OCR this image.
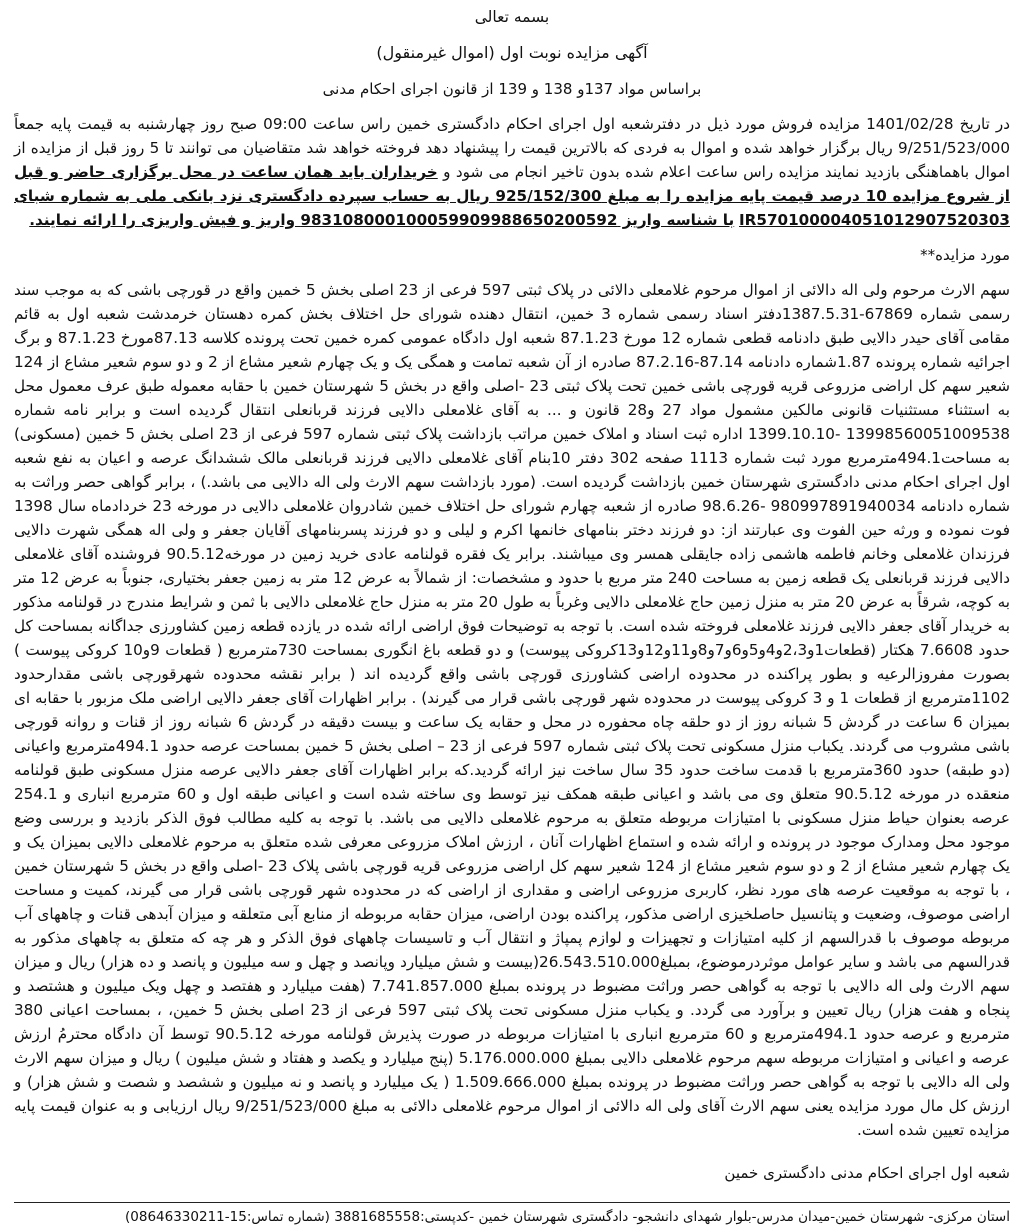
بسمه تعالی
آگهی مزایده نوبت اول (اموال غیرمنقول)
براساس مواد 137و 138 و 139 از قانون اجرای احکام مدنی

در تاریخ 1401/02/28 مزایده فروش مورد ذیل در دفترشعبه اول اجرای احکام دادگستری خمین راس ساعت 09:00 صبح روز چهارشنبه به قیمت پایه جمعاً 9/251/523/000 ریال برگزار خواهد شده و اموال به فردی که بالاترین قیمت را پیشنهاد دهد فروخته خواهد شد متقاضیان می توانند تا 5 روز قبل از مزایده از اموال باهماهنگی بازدید نمایند مزایده راس ساعت اعلام شده بدون تاخیر انجام می شود و خریداران باید همان ساعت در محل برگزاری حاضر و قبل از شروع مزایده 10 درصد قیمت پایه مزایده را به مبلغ 925/152/300 ریال به حساب سپرده دادگستری نزد بانکی ملی به شماره شبای IR570100004051012907520303 با شناسه واریز 983108000100059909988650200592 واریز و فیش واریزی را ارائه نمایند.

مورد مزایده**

سهم الارث مرحوم ولی اله دالائی از اموال مرحوم غلامعلی دالائی در پلاک ثبتی 597 فرعی از 23 اصلی بخش 5 خمین واقع در قورچی باشی که به موجب سند رسمی شماره 67869-1387.5.31دفتر اسناد رسمی شماره 3 خمین، انتقال دهنده شورای حل اختلاف بخش کمره دهستان خرمدشت شعبه اول به قائم مقامی آقای حیدر دالایی طبق دادنامه قطعی شماره 12 مورخ 87.1.23 شعبه اول دادگاه عمومی کمره خمین تحت پرونده کلاسه 87.13مورخ 87.1.23 و برگ اجرائیه شماره پرونده 1.87شماره دادنامه 87.14-87.2.16 صادره از آن شعبه تمامت و همگی یک و یک چهارم شعیر مشاع از 2 و دو سوم شعیر مشاع از 124 شعیر سهم کل اراضی مزروعی قریه قورچی باشی خمین تحت پلاک ثبتی 23 -اصلی واقع در بخش 5 شهرستان خمین با حقابه معموله طبق عرف معمول محل به استثناء مستثنیات قانونی مالکین مشمول مواد 27 و28 قانون و ... به آقای غلامعلی دالایی فرزند قربانعلی انتقال گردیده است و برابر نامه شماره 13998560051009538 -1399.10.10 اداره ثبت اسناد و املاک خمین مراتب بازداشت پلاک ثبتی شماره 597 فرعی از 23 اصلی بخش 5 خمین (مسکونی) به مساحت494.1مترمربع مورد ثبت شماره 1113 صفحه 302 دفتر 10بنام آقای غلامعلی دالایی فرزند قربانعلی مالک ششدانگ عرصه و اعیان به نفع شعبه اول اجرای احکام مدنی دادگستری شهرستان خمین بازداشت گردیده است. (مورد بازداشت سهم الارث ولی اله دالایی می باشد.) ، برابر گواهی حصر وراثت به شماره دادنامه 980997891940034 -98.6.26 صادره از شعبه چهارم شورای حل اختلاف خمین شادروان غلامعلی دالایی در مورخه 23 خردادماه سال 1398 فوت نموده و ورثه حین الفوت وی عبارتند از: دو فرزند دختر بنامهای خانمها اکرم و لیلی و دو فرزند پسربنامهای آقایان جعفر و ولی اله همگی شهرت دالایی فرزندان غلامعلی وخانم فاطمه هاشمی زاده جایقلی همسر وی میباشند. برابر یک فقره قولنامه عادی خرید زمین در مورخه90.5.12 فروشنده آقای غلامعلی دالایی فرزند قربانعلی یک قطعه زمین به مساحت 240 متر مربع با حدود و مشخصات: از شمالاً به عرض 12 متر به زمین جعفر بختیاری، جنوباً به عرض 12 متر به کوچه، شرقاً به عرض 20 متر به منزل زمین حاج غلامعلی دالایی وغرباً به طول 20 متر به منزل حاج غلامعلی دالایی با ثمن و شرایط مندرج در قولنامه مذکور به خریدار آقای جعفر دالایی فرزند غلامعلی فروخته شده است. با توجه به توضیحات فوق اراضی ارائه شده در یازده قطعه زمین کشاورزی جداگانه بمساحت کل حدود 7.6608 هکتار (قطعات1و2،3و4و5و6و7و8و11و12و13کروکی پیوست) و دو قطعه باغ انگوری بمساحت 730مترمربع ( قطعات 9و10 کروکی پیوست ) بصورت مفروزالرعیه و بطور پراکنده در محدوده اراضی کشاورزی قورچی باشی واقع گردیده اند ( برابر نقشه محدوده شهرقورچی باشی مقدارحدود 1102مترمربع از قطعات 1 و 3 کروکی پیوست در محدوده شهر قورچی باشی قرار می گیرند) . برابر اظهارات آقای جعفر دالایی اراضی ملک مزبور با حقابه ای بمیزان 6 ساعت در گردش 5 شبانه روز از دو حلقه چاه محفوره در محل و حقابه یک ساعت و بیست دقیقه در گردش 6 شبانه روز از قنات و روانه قورچی باشی مشروب می گردند. یکباب منزل مسکونی تحت پلاک ثبتی شماره 597 فرعی از 23 – اصلی بخش 5 خمین بمساحت عرصه حدود 494.1مترمربع واعیانی (دو طبقه) حدود 360مترمربع با قدمت ساخت حدود 35 سال ساخت نیز ارائه گردید.که برابر اظهارات آقای جعفر دالایی عرصه منزل مسکونی طبق قولنامه منعقده در مورخه 90.5.12 متعلق وی می باشد و اعیانی طبقه همکف نیز توسط وی ساخته شده است و اعیانی طبقه اول و 60 مترمربع انباری و 254.1 عرصه بعنوان حیاط منزل مسکونی با امتیازات مربوطه متعلق به مرحوم غلامعلی دالایی می باشد. با توجه به کلیه مطالب فوق الذکر بازدید و بررسی وضع موجود محل ومدارک موجود در پرونده و ارائه شده و استماع اظهارات آنان ، ارزش املاک مزروعی معرفی شده متعلق به مرحوم غلامعلی دالایی بمیزان یک و یک چهارم شعیر مشاع از 2 و دو سوم شعیر مشاع از 124 شعیر سهم کل اراضی مزروعی قریه قورچی باشی پلاک 23 -اصلی واقع در بخش 5 شهرستان خمین ، با توجه به موقعیت عرصه های مورد نظر، کاربری مزروعی اراضی و مقداری از اراضی که در محدوده شهر قورچی باشی قرار می گیرند، کمیت و مساحت اراضی موصوف، وضعیت و پتانسیل حاصلخیزی اراضی مذکور، پراکنده بودن اراضی، میزان حقابه مربوطه از منابع آبی متعلقه و میزان آبدهی قنات و چاههای آب مربوطه موصوف با قدرالسهم از کلیه امتیازات و تجهیزات و لوازم پمپاژ و انتقال آب و تاسیسات چاههای فوق الذکر و هر چه که متعلق به چاههای مذکور به قدرالسهم می باشد و سایر عوامل موثردرموضوع، بمبلغ26.543.510.000(بیست و شش میلیارد وپانصد و چهل و سه میلیون و پانصد و ده هزار) ریال و میزان سهم الارث ولی اله دالایی با توجه به گواهی حصر وراثت مضبوط در پرونده بمبلغ 7.741.857.000 (هفت میلیارد و هفتصد و چهل ویک میلیون و هشتصد و پنجاه و هفت هزار) ریال تعیین و برآورد می گردد. و یکباب منزل مسکونی تحت پلاک ثبتی 597 فرعی از 23 اصلی بخش 5 خمین، ، بمساحت اعیانی 380 مترمربع و عرصه حدود 494.1مترمربع و 60 مترمربع انباری با امتیازات مربوطه در صورت پذیرش قولنامه مورخه 90.5.12 توسط آن دادگاه محترمُ ارزش عرصه و اعیانی و امتیازات مربوطه سهم مرحوم غلامعلی دالایی بمبلغ 5.176.000.000 (پنج میلیارد و یکصد و هفتاد و شش میلیون ) ریال و میزان سهم الارث ولی اله دالایی با توجه به گواهی حصر وراثت مضبوط در پرونده بمبلغ 1.509.666.000 ( یک میلیارد و پانصد و نه میلیون و ششصد و شصت و شش هزار) و ارزش کل مال مورد مزایده یعنی سهم الارث آقای ولی اله دالائی از اموال مرحوم غلامعلی دالائی به مبلغ 9/251/523/000 ریال ارزیابی و به عنوان قیمت پایه مزایده تعیین شده است.

شعبه اول اجرای احکام مدنی دادگستری خمین
استان مرکزی- شهرستان خمین-میدان مدرس-بلوار شهدای دانشجو- دادگستری شهرستان خمین -کدپستی:3881685558 (شماره تماس:15-08646330211)
